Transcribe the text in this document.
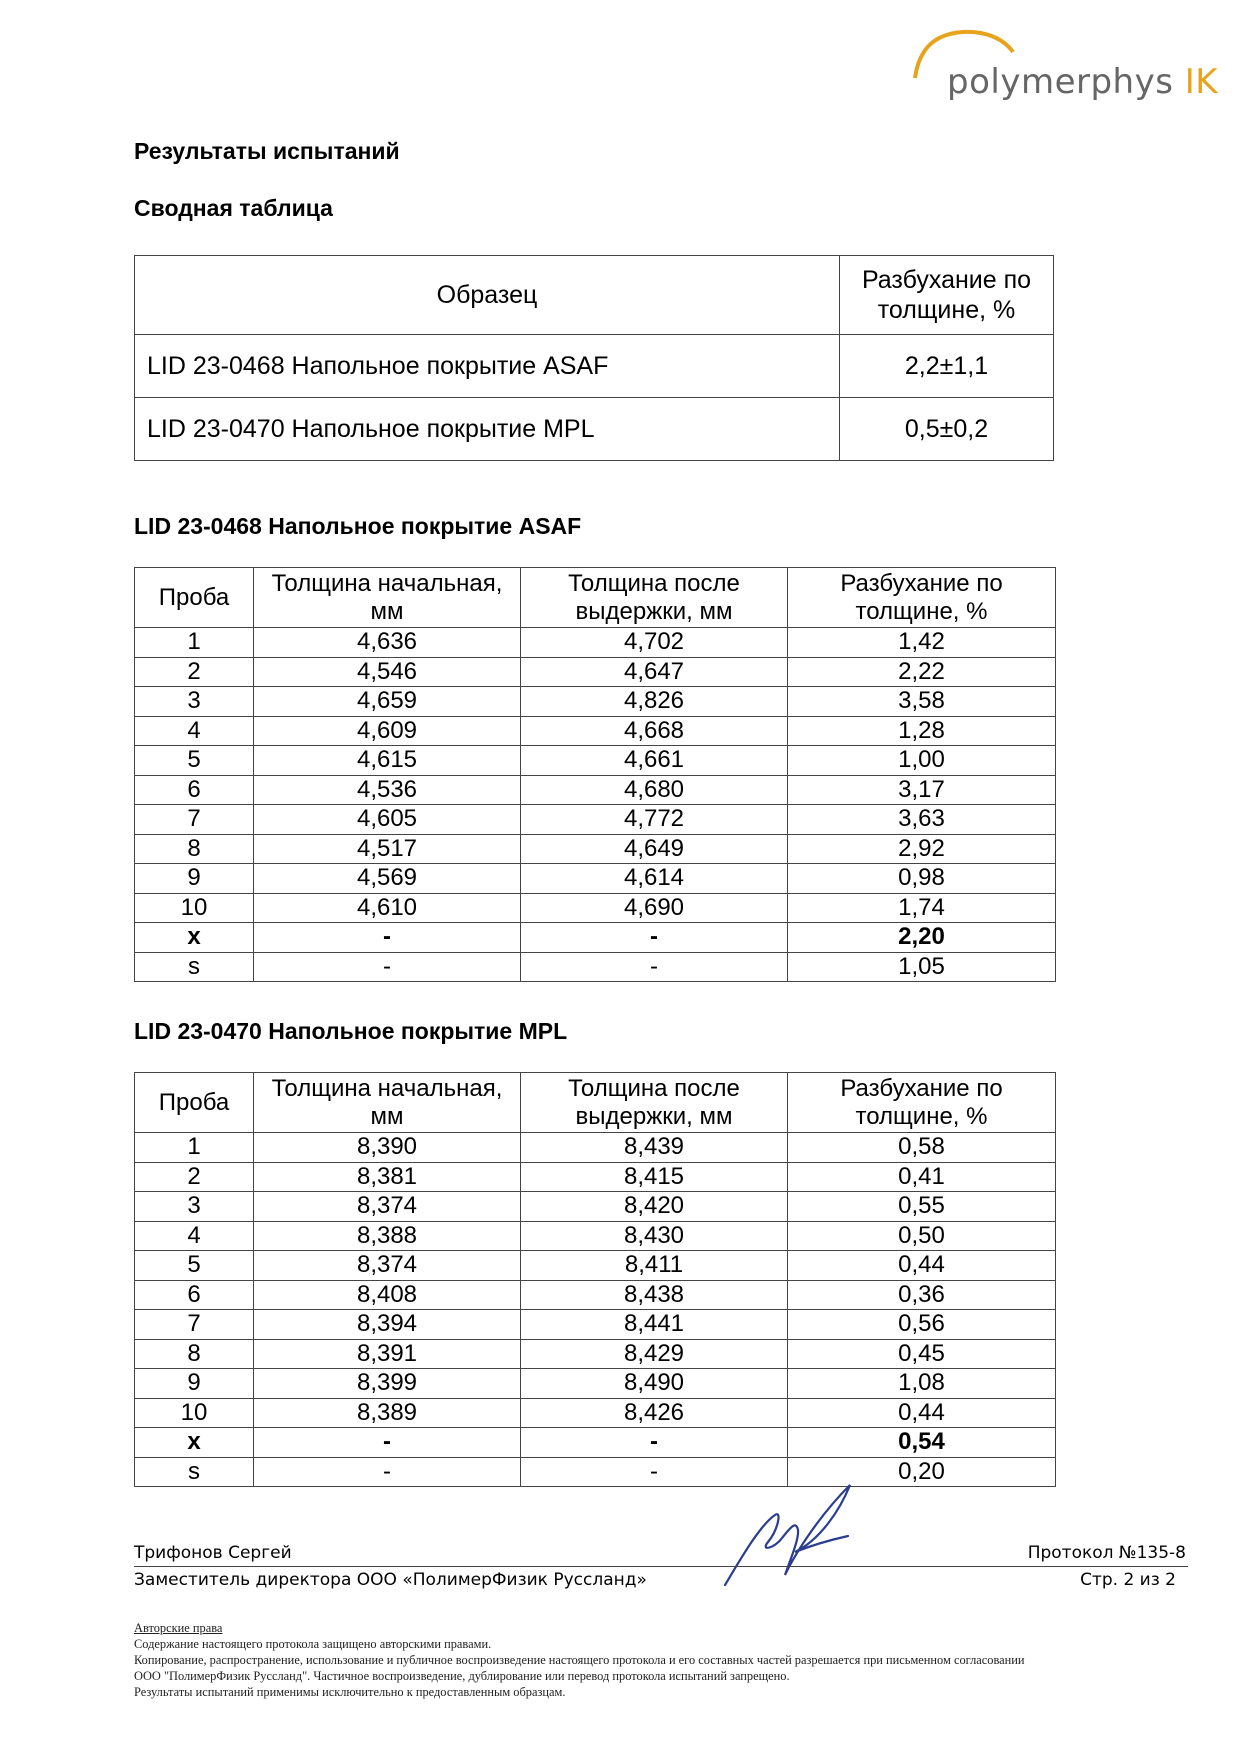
polymerphys IK
Результаты испытаний
Сводная таблица
Образец	Разбухание по толщине, %
LID 23-0468 Напольное покрытие ASAF	2,2±1,1
LID 23-0470 Напольное покрытие MPL	0,5±0,2
LID 23-0468 Напольное покрытие ASAF
Проба	Толщина начальная, мм	Толщина после выдержки, мм	Разбухание по толщине, %
1	4,636	4,702	1,42
2	4,546	4,647	2,22
3	4,659	4,826	3,58
4	4,609	4,668	1,28
5	4,615	4,661	1,00
6	4,536	4,680	3,17
7	4,605	4,772	3,63
8	4,517	4,649	2,92
9	4,569	4,614	0,98
10	4,610	4,690	1,74
x	-	-	2,20
s	-	-	1,05
LID 23-0470 Напольное покрытие MPL
Проба	Толщина начальная, мм	Толщина после выдержки, мм	Разбухание по толщине, %
1	8,390	8,439	0,58
2	8,381	8,415	0,41
3	8,374	8,420	0,55
4	8,388	8,430	0,50
5	8,374	8,411	0,44
6	8,408	8,438	0,36
7	8,394	8,441	0,56
8	8,391	8,429	0,45
9	8,399	8,490	1,08
10	8,389	8,426	0,44
x	-	-	0,54
s	-	-	0,20
Трифонов Сергей	Протокол №135-8
Заместитель директора ООО «ПолимерФизик Руссланд»	Стр. 2 из 2
Авторские права
Содержание настоящего протокола защищено авторскими правами.
Копирование, распространение, использование и публичное воспроизведение настоящего протокола и его составных частей разрешается при письменном согласовании
ООО "ПолимерФизик Руссланд". Частичное воспроизведение, дублирование или перевод протокола испытаний запрещено.
Результаты испытаний применимы исключительно к предоставленным образцам.
